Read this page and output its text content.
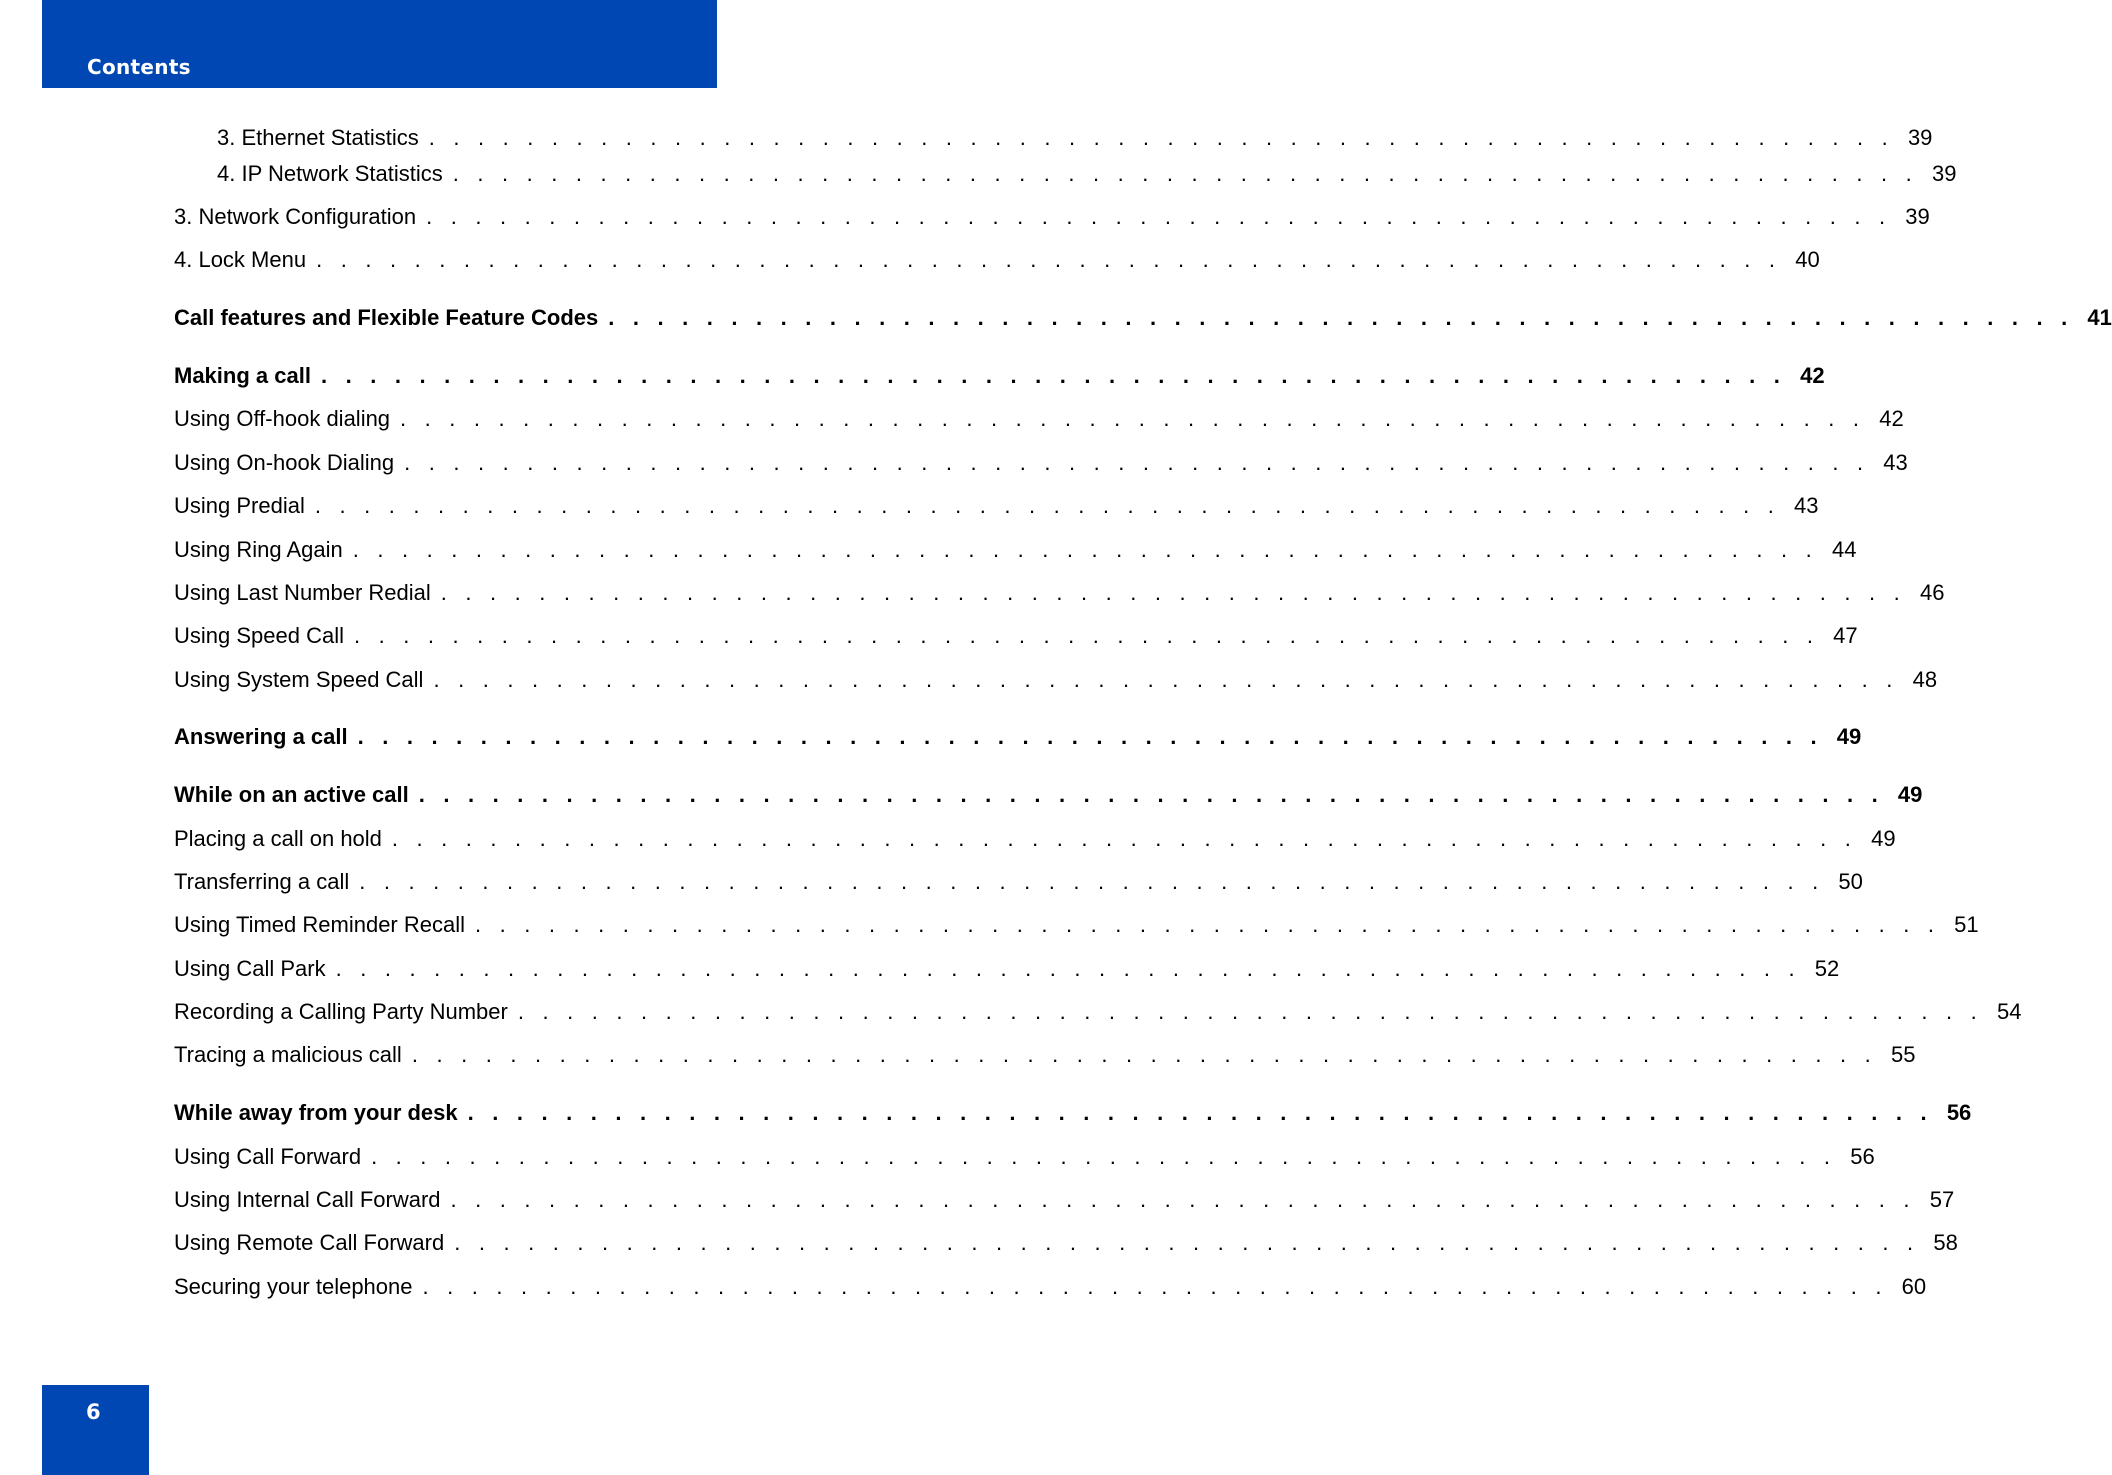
Contents
3. Ethernet Statistics . . . . . . . . . . . . . . . . . . . . . . . . . . . . . . . . . . . . . . . . . . . . . . . . . . . . . . . . . . . . 39
4. IP Network Statistics . . . . . . . . . . . . . . . . . . . . . . . . . . . . . . . . . . . . . . . . . . . . . . . . . . . . . . . . . . . . 39
3. Network Configuration . . . . . . . . . . . . . . . . . . . . . . . . . . . . . . . . . . . . . . . . . . . . . . . . . . . . . . . . . . . . 39
4. Lock Menu . . . . . . . . . . . . . . . . . . . . . . . . . . . . . . . . . . . . . . . . . . . . . . . . . . . . . . . . . . . . 40
Call features and Flexible Feature Codes . . . . . . . . . . . . . . . . . . . . . . . . . . . . . . . . . . . . . . . . . . . . . . . . . . . . . . . . . . . . 41
Making a call . . . . . . . . . . . . . . . . . . . . . . . . . . . . . . . . . . . . . . . . . . . . . . . . . . . . . . . . . . . . 42
Using Off-hook dialing . . . . . . . . . . . . . . . . . . . . . . . . . . . . . . . . . . . . . . . . . . . . . . . . . . . . . . . . . . . . 42
Using On-hook Dialing . . . . . . . . . . . . . . . . . . . . . . . . . . . . . . . . . . . . . . . . . . . . . . . . . . . . . . . . . . . . 43
Using Predial . . . . . . . . . . . . . . . . . . . . . . . . . . . . . . . . . . . . . . . . . . . . . . . . . . . . . . . . . . . . 43
Using Ring Again . . . . . . . . . . . . . . . . . . . . . . . . . . . . . . . . . . . . . . . . . . . . . . . . . . . . . . . . . . . . 44
Using Last Number Redial . . . . . . . . . . . . . . . . . . . . . . . . . . . . . . . . . . . . . . . . . . . . . . . . . . . . . . . . . . . . 46
Using Speed Call . . . . . . . . . . . . . . . . . . . . . . . . . . . . . . . . . . . . . . . . . . . . . . . . . . . . . . . . . . . . 47
Using System Speed Call . . . . . . . . . . . . . . . . . . . . . . . . . . . . . . . . . . . . . . . . . . . . . . . . . . . . . . . . . . . . 48
Answering a call . . . . . . . . . . . . . . . . . . . . . . . . . . . . . . . . . . . . . . . . . . . . . . . . . . . . . . . . . . . . 49
While on an active call . . . . . . . . . . . . . . . . . . . . . . . . . . . . . . . . . . . . . . . . . . . . . . . . . . . . . . . . . . . . 49
Placing a call on hold . . . . . . . . . . . . . . . . . . . . . . . . . . . . . . . . . . . . . . . . . . . . . . . . . . . . . . . . . . . . 49
Transferring a call . . . . . . . . . . . . . . . . . . . . . . . . . . . . . . . . . . . . . . . . . . . . . . . . . . . . . . . . . . . . 50
Using Timed Reminder Recall . . . . . . . . . . . . . . . . . . . . . . . . . . . . . . . . . . . . . . . . . . . . . . . . . . . . . . . . . . . . 51
Using Call Park . . . . . . . . . . . . . . . . . . . . . . . . . . . . . . . . . . . . . . . . . . . . . . . . . . . . . . . . . . . . 52
Recording a Calling Party Number . . . . . . . . . . . . . . . . . . . . . . . . . . . . . . . . . . . . . . . . . . . . . . . . . . . . . . . . . . . . 54
Tracing a malicious call . . . . . . . . . . . . . . . . . . . . . . . . . . . . . . . . . . . . . . . . . . . . . . . . . . . . . . . . . . . . 55
While away from your desk . . . . . . . . . . . . . . . . . . . . . . . . . . . . . . . . . . . . . . . . . . . . . . . . . . . . . . . . . . . . 56
Using Call Forward . . . . . . . . . . . . . . . . . . . . . . . . . . . . . . . . . . . . . . . . . . . . . . . . . . . . . . . . . . . . 56
Using Internal Call Forward . . . . . . . . . . . . . . . . . . . . . . . . . . . . . . . . . . . . . . . . . . . . . . . . . . . . . . . . . . . . 57
Using Remote Call Forward . . . . . . . . . . . . . . . . . . . . . . . . . . . . . . . . . . . . . . . . . . . . . . . . . . . . . . . . . . . . 58
Securing your telephone . . . . . . . . . . . . . . . . . . . . . . . . . . . . . . . . . . . . . . . . . . . . . . . . . . . . . . . . . . . . 60
6
